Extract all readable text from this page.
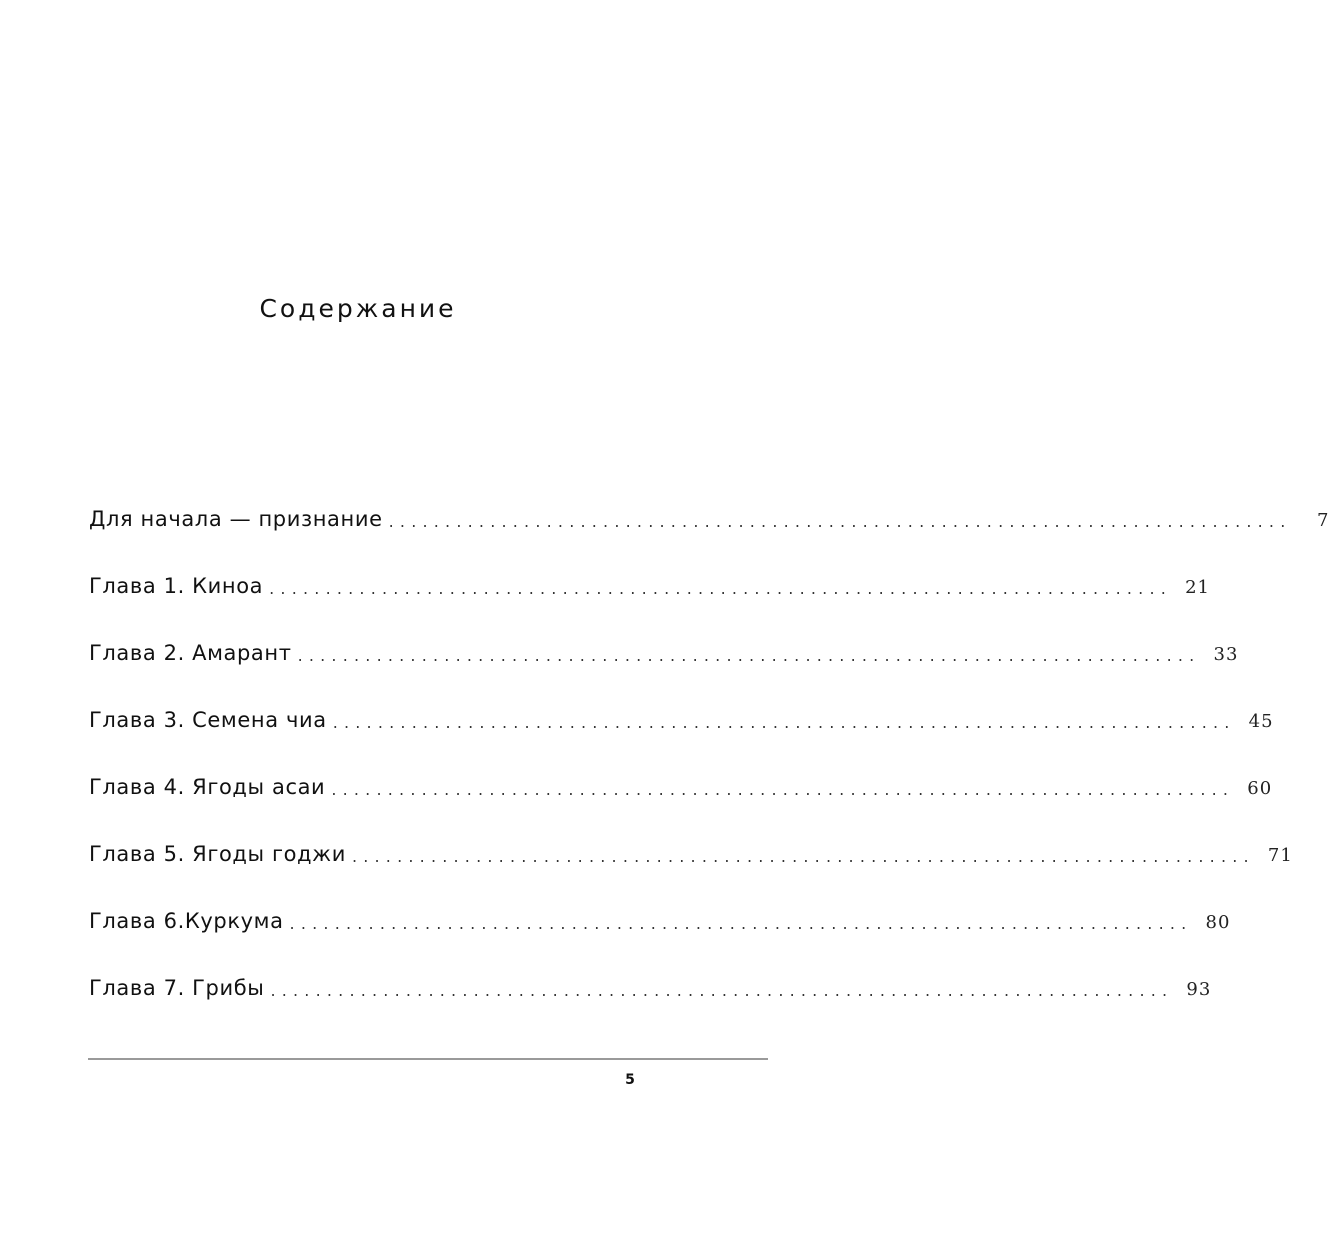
Содержание
Для начала — признание ................................................................................	7
Глава 1. Киноа ................................................................................ 21
Глава 2. Амарант ................................................................................ 33
Глава 3. Семена чиа ................................................................................ 45
Глава 4. Ягоды асаи ................................................................................ 60
Глава 5. Ягоды годжи ................................................................................ 71
Глава 6.Куркума ................................................................................ 80
Глава 7. Грибы ................................................................................ 93
5
